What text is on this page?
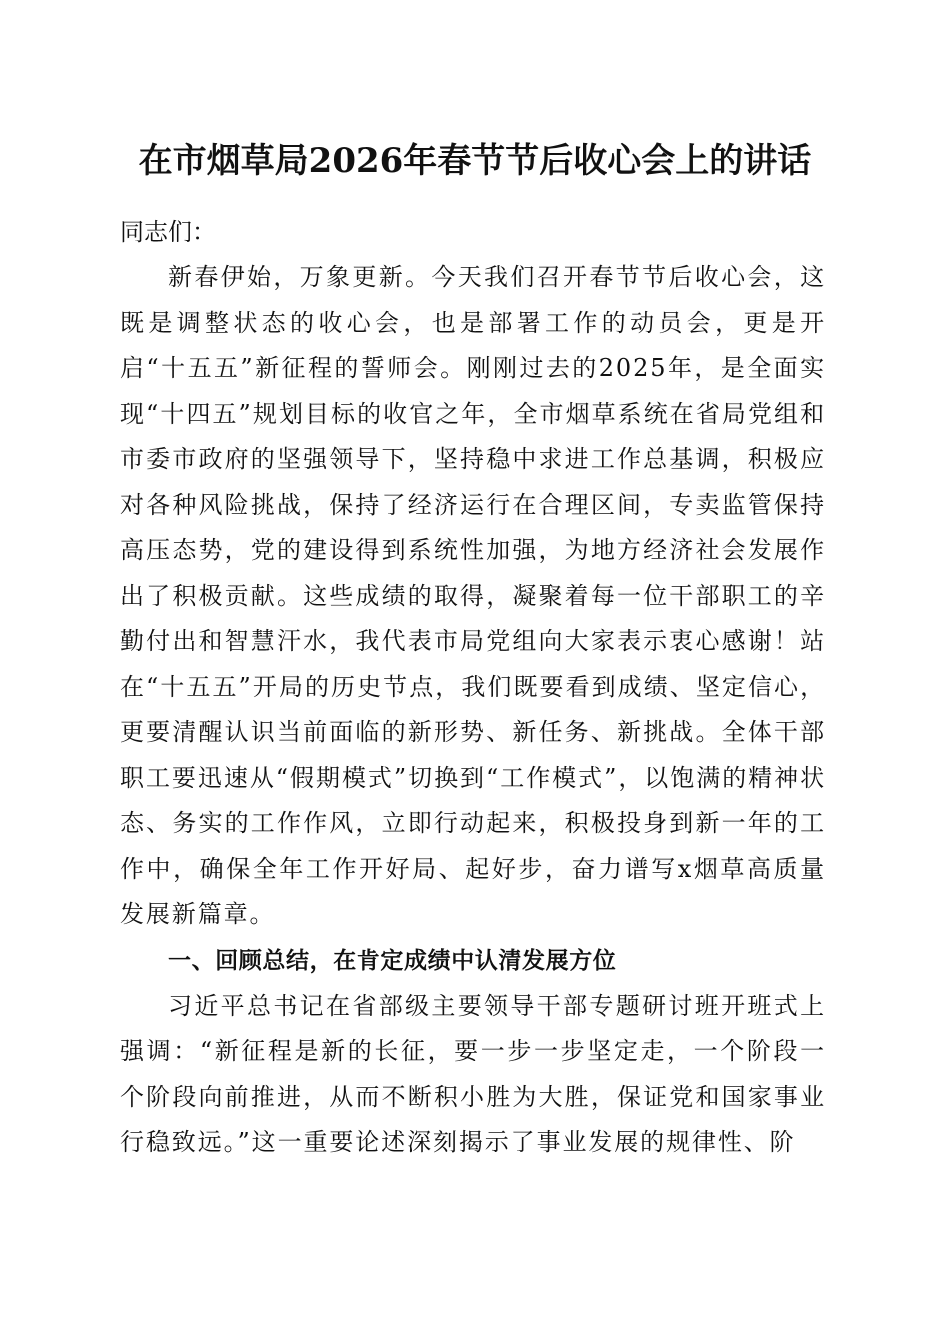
在市烟草局2026年春节节后收心会上的讲话

同志们：

新春伊始，万象更新。今天我们召开春节节后收心会，这既是调整状态的收心会，也是部署工作的动员会，更是开启“十五五”新征程的誓师会。刚刚过去的2025年，是全面实现“十四五”规划目标的收官之年，全市烟草系统在省局党组和市委市政府的坚强领导下，坚持稳中求进工作总基调，积极应对各种风险挑战，保持了经济运行在合理区间，专卖监管保持高压态势，党的建设得到系统性加强，为地方经济社会发展作出了积极贡献。这些成绩的取得，凝聚着每一位干部职工的辛勤付出和智慧汗水，我代表市局党组向大家表示衷心感谢！站在“十五五”开局的历史节点，我们既要看到成绩、坚定信心，更要清醒认识当前面临的新形势、新任务、新挑战。全体干部职工要迅速从“假期模式”切换到“工作模式”，以饱满的精神状态、务实的工作作风，立即行动起来，积极投身到新一年的工作中，确保全年工作开好局、起好步，奋力谱写x烟草高质量发展新篇章。

一、回顾总结，在肯定成绩中认清发展方位

习近平总书记在省部级主要领导干部专题研讨班开班式上强调：“新征程是新的长征，要一步一步坚定走，一个阶段一个阶段向前推进，从而不断积小胜为大胜，保证党和国家事业行稳致远。”这一重要论述深刻揭示了事业发展的规律性、阶
